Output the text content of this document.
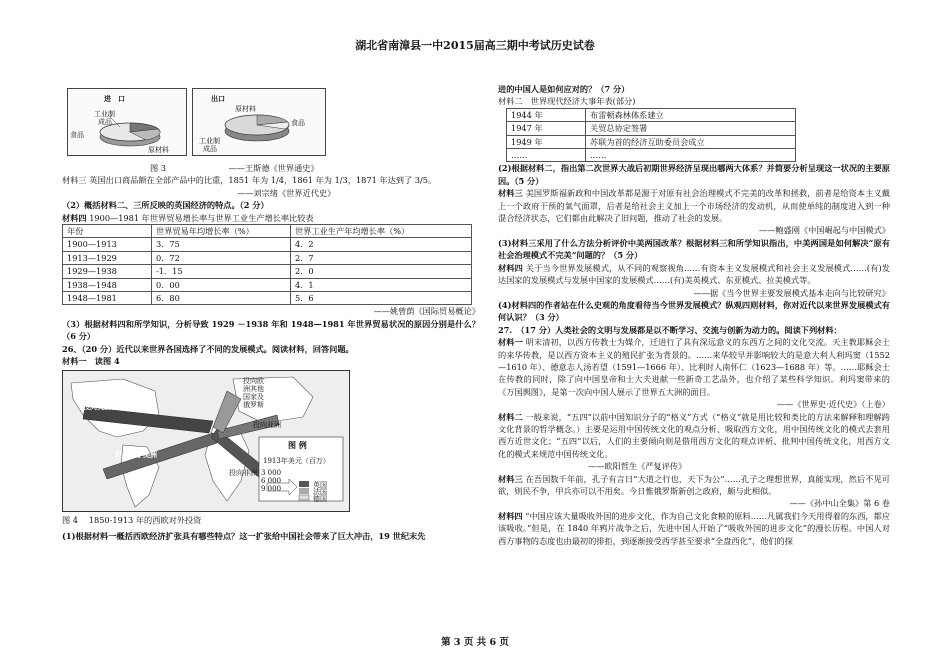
湖北省南漳县一中2015届高三期中考试历史试卷
进　口
工业制
成品
食品
原材料
出口
原材料
食品
工业制
成品

图 3	——王斯德《世界通史》

材料三 英国出口商品额在全部产品中的比重，1851 年为 1/4，1861 年为 1/3，1871 年达到了 3/5。

——刘宗绪《世界近代史》

（2）概括材料二、三所反映的英国经济的特点。（2 分）

材料四 1900—1981 年世界贸易增长率与世界工业生产增长率比较表

年份	世界贸易年均增长率（%）	世界工业生产年均增长率（%）
1900—1913	3．75	4．2
1913—1929	0．72	2．7
1929—1938	-1．15	2．0
1938—1948	0．00	4．1
1948—1981	6．80	5．6

——姚曾荫《国际贸易概论》

（3）根据材料四和所学知识，分析导致 1929 －1938 年和 1948—1981 年世界贸易状况的原因分别是什么？（6 分）

26、（20 分）近代以来世界各国选择了不同的发展模式。阅读材料，回答问题。

材料一　读图 4

投向美国和加拿大
投向拉丁美洲
投向亚洲
投向非洲
投向欧
洲其他
国家及
俄罗斯
图 例
1913年美元（百万）
3 000
6 000
9 000	英国
法国
德国

图 4　 1850-1913 年的西欧对外投资

(1)根据材料一概括西欧经济扩张具有哪些特点？这一扩张给中国社会带来了巨大冲击，19 世纪末先

进的中国人是如何应对的？（7 分）

材料二　世界现代经济大事年表(部分)

1944 年	布雷顿森林体系建立
1947 年	关贸总协定签署
1949 年	苏联为首的经济互助委员会成立
……	……

(2)根据材料二，指出第二次世界大战后初期世界经济呈现出哪两大体系？并简要分析呈现这一状况的主要原因。（5 分）

材料三 美国罗斯福新政和中国改革都是源于对原有社会治理模式不完美的改革和拯救，前者是给资本主义戴上一个政府干预的氧气面罩，后者是给社会主义加上一个市场经济的发动机，从而使单纯的制度进入到一种混合经济状态，它们都由此解决了旧问题，推动了社会的发展。

——鲍盛刚《中国崛起与中国模式》

(3)材料三采用了什么方法分析评价中美两国改革？根据材料三和所学知识指出，中美两国是如何解决“原有社会治理模式不完美”问题的？（5 分）

材料四 关于当今世界发展模式，从不同的观察视角……有资本主义发展模式和社会主义发展模式……(有)发达国家的发展模式与发展中国家的发展模式……(有)美英模式、东亚模式、拉美模式等。

——据《当今世界主要发展模式基本走向与比较研究》

(4)材料四的作者站在什么史观的角度看待当今世界发展模式？纵观四则材料，你对近代以来世界发展模式有何认识？（3 分）

27.　（17 分）人类社会的文明与发展都是以不断学习、交流与创新为动力的。阅读下列材料：

材料一 明末清初，以西方传教士为媒介，迁进行了具有深远意义的东西方之间的文化交流。天主教耶稣会士的来华传教，是以西方资本主义的殖民扩张为背景的。……来华较早并影响较大的是意大利人利玛窦（1552—1610 年）、德意志人汤若望（1591—1666 年）、比利时人南怀仁（1623—1688 年）等。……耶稣会士在传教的同时，除了向中国皇帝和士大夫进献一些新奇工艺品外，也介绍了某些科学知识。利玛窦带来的《万国舆图》，是第一次向中国人展示了世界五大洲的面目。

——《世界史·近代史》（上卷）

材料二 一般来说，“五四”以前中国知识分子的“格义”方式（“格义”就是用比较和类比的方法来解释和理解跨文化背景的哲学概念。）主要是运用中国传统文化的观点分析、吸取西方文化，用中国传统文化的模式去套用西方近世文化；“五四”以后，人们的主要倾向则是借用西方文化的观点评析、批判中国传统文化，用西方文化的模式来规范中国传统文化。

——欧阳哲生《严复评传》

材料三 在吾国数千年前，孔子有言曰“大道之行也，天下为公”……孔子之理想世界，真能实现，然后不见可欲，则民不争，甲兵亦可以不用矣。今日惟俄罗斯新创之政府，颇与此相似。

——《孙中山全集》第 6 卷

材料四 “中国应该大量吸收外国的进步文化，作为自己文化食粮的原料……凡属我们今天用得着的东西，都应该吸收。”但是，在 1840 年鸦片战争之后，先进中国人开始了“吸收外国的进步文化”的漫长历程。中国人对西方事物的态度也由最初的排拒，到逐渐接受西学甚至要求“全盘西化”，他们的探

第 3 页 共 6 页
